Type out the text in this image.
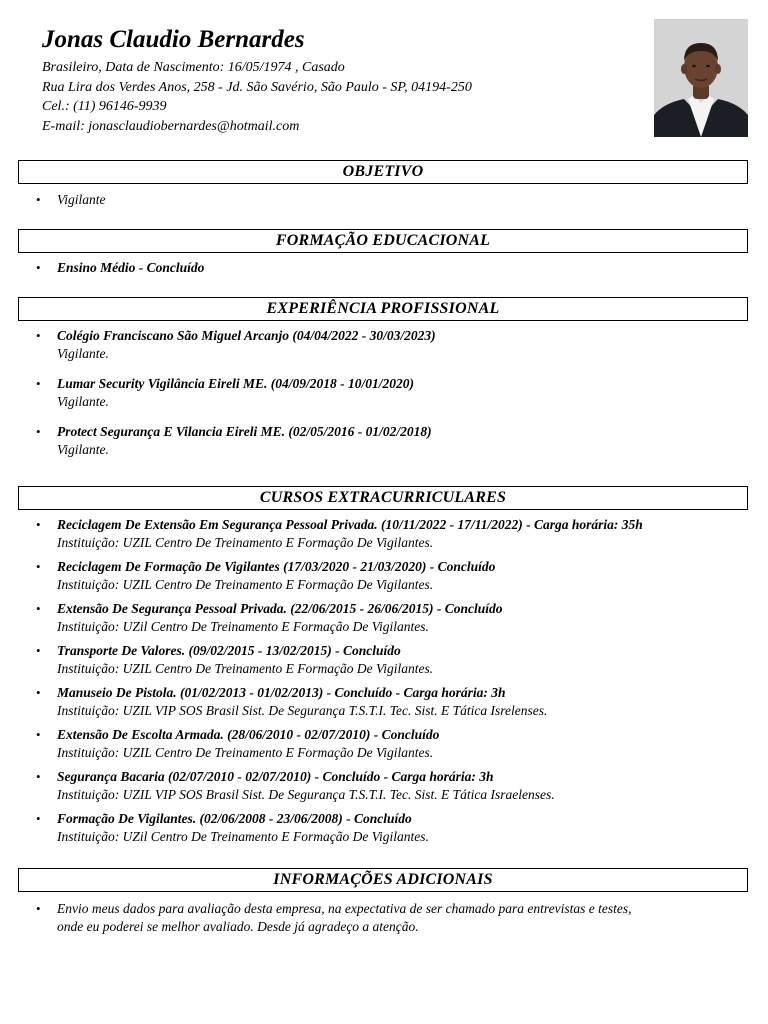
Jonas Claudio Bernardes
Brasileiro, Data de Nascimento: 16/05/1974 , Casado
Rua Lira dos Verdes Anos, 258 - Jd. São Savério, São Paulo - SP, 04194-250
Cel.: (11) 96146-9939
E-mail: jonasclaudiobernardes@hotmail.com
OBJETIVO
• Vigilante
FORMAÇÃO EDUCACIONAL
• Ensino Médio - Concluído
EXPERIÊNCIA PROFISSIONAL
• Colégio Franciscano São Miguel Arcanjo (04/04/2022 - 30/03/2023)
Vigilante.
• Lumar Security Vigilância Eireli ME. (04/09/2018 - 10/01/2020)
Vigilante.
• Protect Segurança E Vilancia Eireli ME. (02/05/2016 - 01/02/2018)
Vigilante.
CURSOS EXTRACURRICULARES
• Reciclagem De Extensão Em Segurança Pessoal Privada. (10/11/2022 - 17/11/2022) - Carga horária: 35h
Instituição: UZIL Centro De Treinamento E Formação De Vigilantes.
• Reciclagem De Formação De Vigilantes (17/03/2020 - 21/03/2020) - Concluído
Instituição: UZIL Centro De Treinamento E Formação De Vigilantes.
• Extensão De Segurança Pessoal Privada. (22/06/2015 - 26/06/2015) - Concluído
Instituição: UZil Centro De Treinamento E Formação De Vigilantes.
• Transporte De Valores. (09/02/2015 - 13/02/2015) - Concluído
Instituição: UZIL Centro De Treinamento E Formação De Vigilantes.
• Manuseio De Pistola. (01/02/2013 - 01/02/2013) - Concluído - Carga horária: 3h
Instituição: UZIL VIP SOS Brasil Sist. De Segurança T.S.T.I. Tec. Sist. E Tática Isrelenses.
• Extensão De Escolta Armada. (28/06/2010 - 02/07/2010) - Concluído
Instituição: UZIL Centro De Treinamento E Formação De Vigilantes.
• Segurança Bacaria (02/07/2010 - 02/07/2010) - Concluído - Carga horária: 3h
Instituição: UZIL VIP SOS Brasil Sist. De Segurança T.S.T.I. Tec. Sist. E Tática Israelenses.
• Formação De Vigilantes. (02/06/2008 - 23/06/2008) - Concluído
Instituição: UZil Centro De Treinamento E Formação De Vigilantes.
INFORMAÇÕES ADICIONAIS
• Envio meus dados para avaliação desta empresa, na expectativa de ser chamado para entrevistas e testes,
onde eu poderei se melhor avaliado. Desde já agradeço a atenção.
